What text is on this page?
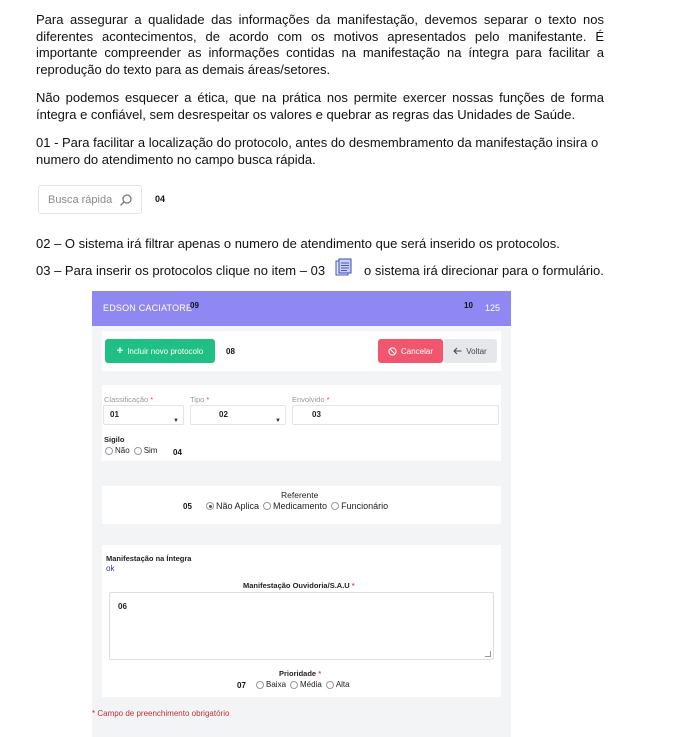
Para assegurar a qualidade das informações da manifestação, devemos separar o texto nos diferentes acontecimentos, de acordo com os motivos apresentados pelo manifestante. É importante compreender as informações contidas na manifestação na íntegra para facilitar a reprodução do texto para as demais áreas/setores.

Não podemos esquecer a ética, que na prática nos permite exercer nossas funções de forma íntegra e confiável, sem desrespeitar os valores e quebrar as regras das Unidades de Saúde.

01 - Para facilitar a localização do protocolo, antes do desmembramento da manifestação insira o
numero do atendimento no campo busca rápida.
Busca rápida
04
02 – O sistema irá filtrar apenas o numero de atendimento que será inserido os protocolos.
03 – Para inserir os protocolos clique no item – 03	o sistema irá direcionar para o formulário.
EDSON CACIATORE
09	10 125
+ Incluir novo protocolo	08	Cancelar	Voltar
Classificação *
01
▼
Tipo *
02
▼
Envolvido *
03
Sigilo
Não Sim 04
Referente
05	Não Aplica Medicamento Funcionário
Manifestação na Íntegra
ok
Manifestação Ouvidoria/S.A.U *
06
Prioridade *
07	Baixa Média Alta
* Campo de preenchimento obrigatório
